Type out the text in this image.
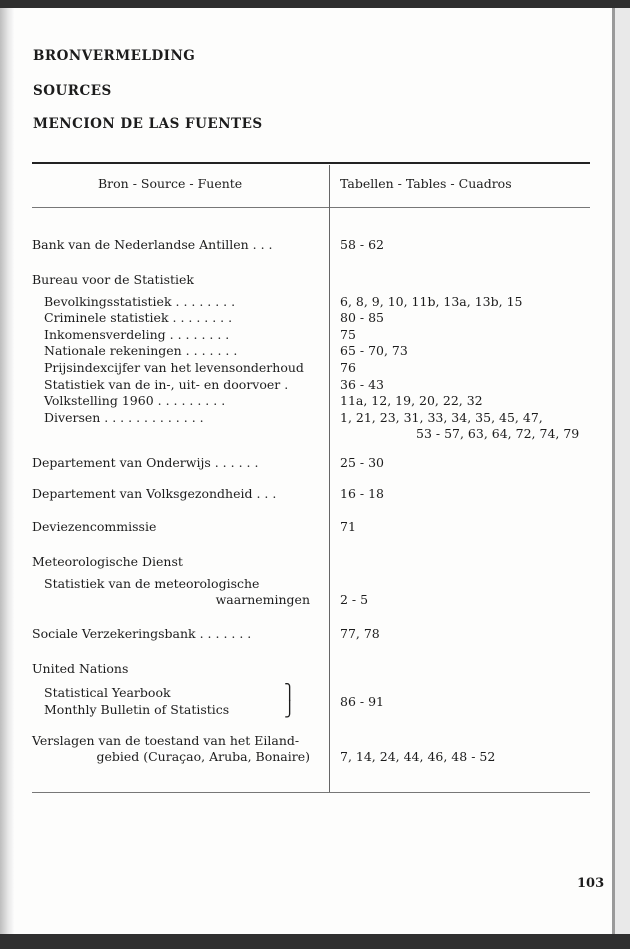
BRONVERMELDING
SOURCES
MENCION DE LAS FUENTES
Bron - Source - Fuente	Tabellen - Tables - Cuadros
Bank van de Nederlandse Antillen . . .	58 - 62
Bureau voor de Statistiek
Bevolkingsstatistiek . . . . . . . .	6, 8, 9, 10, 11b, 13a, 13b, 15
Criminele statistiek . . . . . . . .	80 - 85
Inkomensverdeling . . . . . . . .	75
Nationale rekeningen . . . . . . .	65 - 70, 73
Prijsindexcijfer van het levensonderhoud	76
Statistiek van de in-, uit- en doorvoer .	36 - 43
Volkstelling 1960 . . . . . . . . .	11a, 12, 19, 20, 22, 32
Diversen . . . . . . . . . . . . .	1, 21, 23, 31, 33, 34, 35, 45, 47,
53 - 57, 63, 64, 72, 74, 79
Departement van Onderwijs . . . . . .	25 - 30
Departement van Volksgezondheid . . .	16 - 18
Deviezencommissie	71
Meteorologische Dienst
Statistiek van de meteorologische
waarnemingen 2 - 5
Sociale Verzekeringsbank . . . . . . .	77, 78
United Nations
Statistical Yearbook
Monthly Bulletin of Statistics
⎫
⎭	86 - 91
Verslagen van de toestand van het Eiland-
gebied (Curaçao, Aruba, Bonaire) 7, 14, 24, 44, 46, 48 - 52
103
